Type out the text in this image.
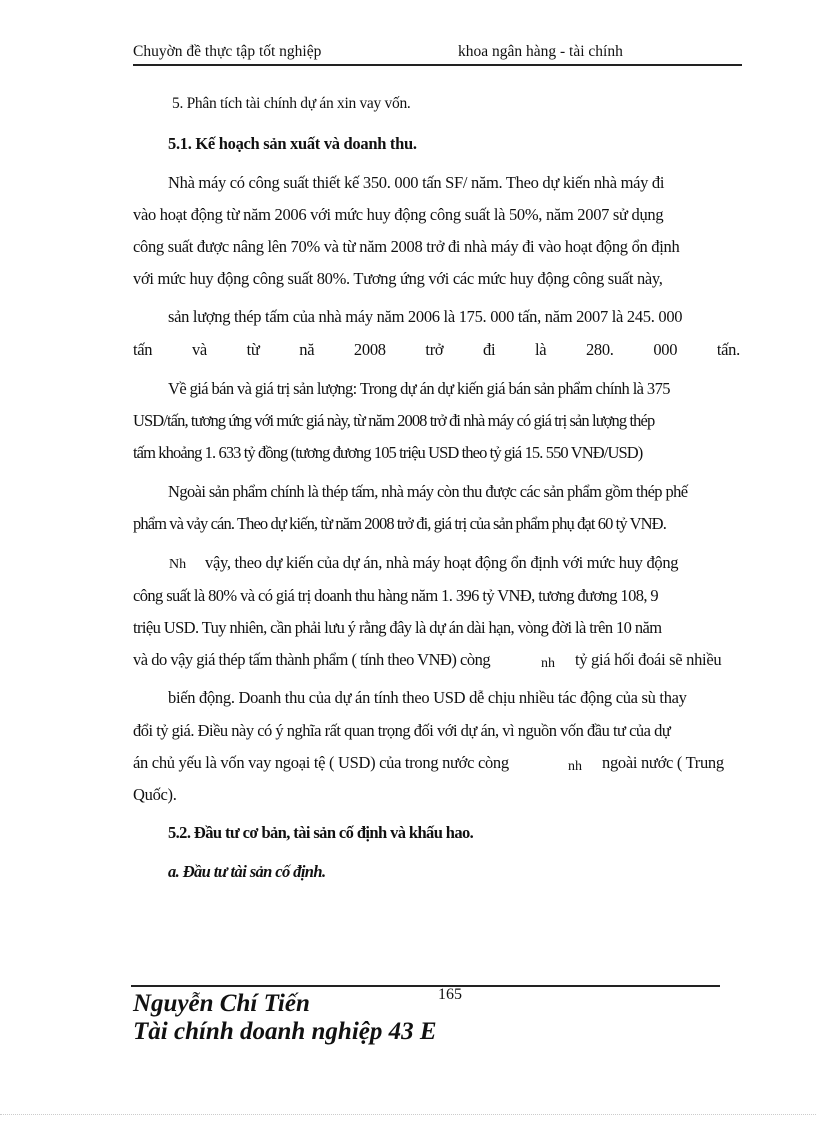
Chuyờn đề thực tập tốt nghiệp	khoa ngân hàng - tài chính
5. Phân tích tài chính dự án xin vay vốn.
5.1. Kế hoạch sản xuất và doanh thu.
Nhà máy có công suất thiết kế 350. 000 tấn SF/ năm. Theo dự kiến nhà máy đi
vào hoạt động từ năm 2006 với mức huy động công suất là 50%, năm 2007 sử dụng
công suất được nâng lên 70% và từ năm 2008 trở đi nhà máy đi vào hoạt động ổn định
với mức huy động công suất 80%. Tương ứng với các mức huy động công suất này,
sản lượng thép tấm của nhà máy năm 2006 là 175. 000 tấn, năm 2007 là 245. 000
tấn và từ nă 2008 trở đi là 280. 000 tấn.
Về giá bán và giá trị sản lượng: Trong dự án dự kiến giá bán sản phẩm chính là 375
USD/tấn, tương ứng với mức giá này, từ năm 2008 trở đi nhà máy có giá trị sản lượng thép
tấm khoảng 1. 633 tỷ đồng (tương đương 105 triệu USD theo tỷ giá 15. 550 VNĐ/USD)
Ngoài sản phẩm chính là thép tấm, nhà máy còn thu được các sản phẩm gồm thép phế
phẩm và vảy cán. Theo dự kiến, từ năm 2008 trở đi, giá trị của sản phẩm phụ đạt 60 tỷ VNĐ.
Nh vậy, theo dự kiến của dự án, nhà máy hoạt động ổn định với mức huy động
công suất là 80% và có giá trị doanh thu hàng năm 1. 396 tỷ VNĐ, tương đương 108, 9
triệu USD. Tuy nhiên, cần phải lưu ý rằng đây là dự án dài hạn, vòng đời là trên 10 năm
và do vậy giá thép tấm thành phẩm ( tính theo VNĐ) còng	nh tỷ giá hối đoái sẽ nhiều
biến động. Doanh thu của dự án tính theo USD dễ chịu nhiều tác động của sù thay
đổi tỷ giá. Điều này có ý nghĩa rất quan trọng đối với dự án, vì nguồn vốn đầu tư của dự
án chủ yếu là vốn vay ngoại tệ ( USD) của trong nước còng	nh ngoài nước ( Trung
Quốc).
5.2. Đầu tư cơ bản, tài sản cố định và khấu hao.
a. Đầu tư tài sản cố định.
165
Nguyễn Chí Tiến
Tài chính doanh nghiệp 43 E
